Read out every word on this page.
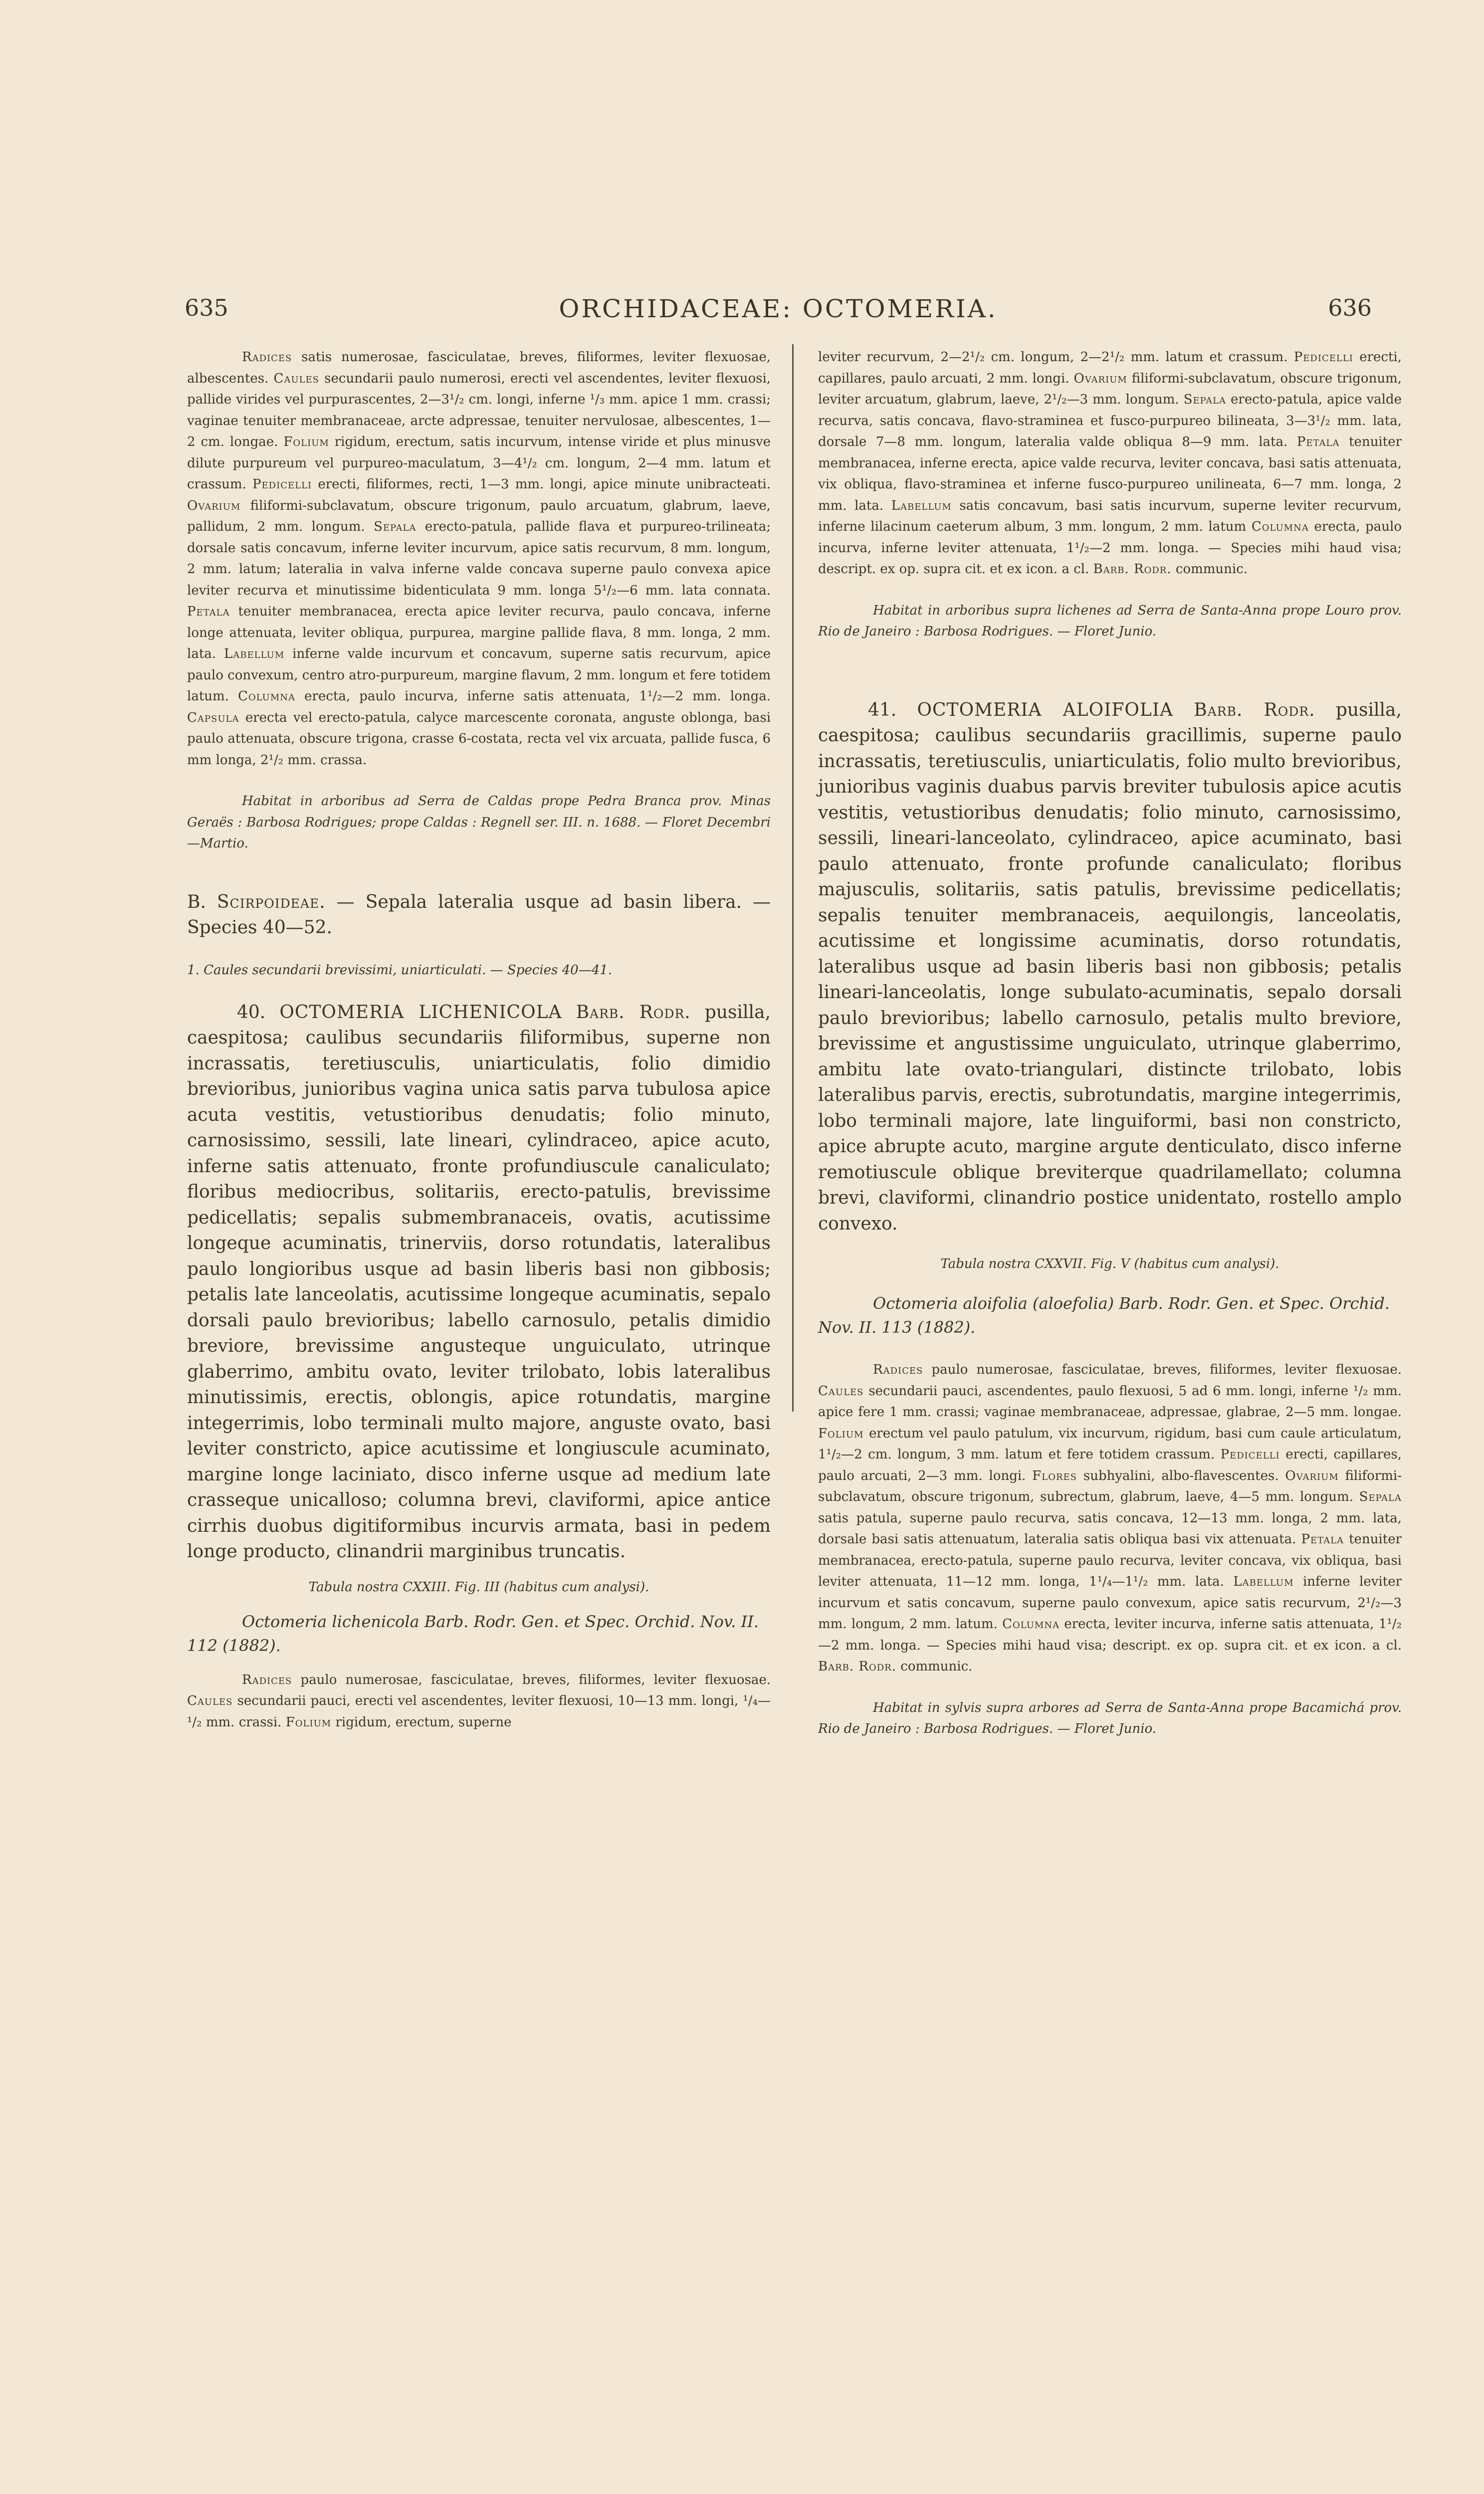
635	ORCHIDACEAE: OCTOMERIA.	636

Radices satis numerosae, fasciculatae, breves, filiformes, leviter flexuosae, albescentes. Caules secundarii paulo numerosi, erecti vel ascendentes, leviter flexuosi, pallide virides vel purpurascentes, 2—3¹/₂ cm. longi, inferne ¹/₃ mm. apice 1 mm. crassi; vaginae tenuiter membranaceae, arcte adpressae, tenuiter nervulosae, albescentes, 1—2 cm. longae. Folium rigidum, erectum, satis incurvum, intense viride et plus minusve dilute purpureum vel purpureo-maculatum, 3—4¹/₂ cm. longum, 2—4 mm. latum et crassum. Pedicelli erecti, filiformes, recti, 1—3 mm. longi, apice minute unibracteati. Ovarium filiformi-subclavatum, obscure trigonum, paulo arcuatum, glabrum, laeve, pallidum, 2 mm. longum. Sepala erecto-patula, pallide flava et purpureo-trilineata; dorsale satis concavum, inferne leviter incurvum, apice satis recurvum, 8 mm. longum, 2 mm. latum; lateralia in valva inferne valde concava superne paulo convexa apice leviter recurva et minutissime bidenticulata 9 mm. longa 5¹/₂—6 mm. lata connata. Petala tenuiter membranacea, erecta apice leviter recurva, paulo concava, inferne longe attenuata, leviter obliqua, purpurea, margine pallide flava, 8 mm. longa, 2 mm. lata. Labellum inferne valde incurvum et concavum, superne satis recurvum, apice paulo convexum, centro atro-purpureum, margine flavum, 2 mm. longum et fere totidem latum. Columna erecta, paulo incurva, inferne satis attenuata, 1¹/₂—2 mm. longa. Capsula erecta vel erecto-patula, calyce marcescente coronata, anguste oblonga, basi paulo attenuata, obscure trigona, crasse 6-costata, recta vel vix arcuata, pallide fusca, 6 mm longa, 2¹/₂ mm. crassa.

Habitat in arboribus ad Serra de Caldas prope Pedra Branca prov. Minas Geraës : Barbosa Rodrigues; prope Caldas : Regnell ser. III. n. 1688. — Floret Decembri—Martio.

B. Scirpoideae. — Sepala lateralia usque ad basin libera. — Species 40—52.

1. Caules secundarii brevissimi, uniarticulati. — Species 40—41.

40. OCTOMERIA LICHENICOLA Barb. Rodr. pusilla, caespitosa; caulibus secundariis filiformibus, superne non incrassatis, teretiusculis, uniarticulatis, folio dimidio brevioribus, junioribus vagina unica satis parva tubulosa apice acuta vestitis, vetustioribus denudatis; folio minuto, carnosissimo, sessili, late lineari, cylindraceo, apice acuto, inferne satis attenuato, fronte profundiuscule canaliculato; floribus mediocribus, solitariis, erecto-patulis, brevissime pedicellatis; sepalis submembranaceis, ovatis, acutissime longeque acuminatis, trinerviis, dorso rotundatis, lateralibus paulo longioribus usque ad basin liberis basi non gibbosis; petalis late lanceolatis, acutissime longeque acuminatis, sepalo dorsali paulo brevioribus; labello carnosulo, petalis dimidio breviore, brevissime angusteque unguiculato, utrinque glaberrimo, ambitu ovato, leviter trilobato, lobis lateralibus minutissimis, erectis, oblongis, apice rotundatis, margine integerrimis, lobo terminali multo majore, anguste ovato, basi leviter constricto, apice acutissime et longiuscule acuminato, margine longe laciniato, disco inferne usque ad medium late crasseque unicalloso; columna brevi, claviformi, apice antice cirrhis duobus digitiformibus incurvis armata, basi in pedem longe producto, clinandrii marginibus truncatis.

Tabula nostra CXXIII. Fig. III (habitus cum analysi).

Octomeria lichenicola Barb. Rodr. Gen. et Spec. Orchid. Nov. II. 112 (1882).

Radices paulo numerosae, fasciculatae, breves, filiformes, leviter flexuosae. Caules secundarii pauci, erecti vel ascendentes, leviter flexuosi, 10—13 mm. longi, ¹/₄—¹/₂ mm. crassi. Folium rigidum, erectum, superne

leviter recurvum, 2—2¹/₂ cm. longum, 2—2¹/₂ mm. latum et crassum. Pedicelli erecti, capillares, paulo arcuati, 2 mm. longi. Ovarium filiformi-subclavatum, obscure trigonum, leviter arcuatum, glabrum, laeve, 2¹/₂—3 mm. longum. Sepala erecto-patula, apice valde recurva, satis concava, flavo-straminea et fusco-purpureo bilineata, 3—3¹/₂ mm. lata, dorsale 7—8 mm. longum, lateralia valde obliqua 8—9 mm. lata. Petala tenuiter membranacea, inferne erecta, apice valde recurva, leviter concava, basi satis attenuata, vix obliqua, flavo-straminea et inferne fusco-purpureo unilineata, 6—7 mm. longa, 2 mm. lata. Labellum satis concavum, basi satis incurvum, superne leviter recurvum, inferne lilacinum caeterum album, 3 mm. longum, 2 mm. latum Columna erecta, paulo incurva, inferne leviter attenuata, 1¹/₂—2 mm. longa. — Species mihi haud visa; descript. ex op. supra cit. et ex icon. a cl. Barb. Rodr. communic.

Habitat in arboribus supra lichenes ad Serra de Santa-Anna prope Louro prov. Rio de Janeiro : Barbosa Rodrigues. — Floret Junio.

41. OCTOMERIA ALOIFOLIA Barb. Rodr. pusilla, caespitosa; caulibus secundariis gracillimis, superne paulo incrassatis, teretiusculis, uniarticulatis, folio multo brevioribus, junioribus vaginis duabus parvis breviter tubulosis apice acutis vestitis, vetustioribus denudatis; folio minuto, carnosissimo, sessili, lineari-lanceolato, cylindraceo, apice acuminato, basi paulo attenuato, fronte profunde canaliculato; floribus majusculis, solitariis, satis patulis, brevissime pedicellatis; sepalis tenuiter membranaceis, aequilongis, lanceolatis, acutissime et longissime acuminatis, dorso rotundatis, lateralibus usque ad basin liberis basi non gibbosis; petalis lineari-lanceolatis, longe subulato-acuminatis, sepalo dorsali paulo brevioribus; labello carnosulo, petalis multo breviore, brevissime et angustissime unguiculato, utrinque glaberrimo, ambitu late ovato-triangulari, distincte trilobato, lobis lateralibus parvis, erectis, subrotundatis, margine integerrimis, lobo terminali majore, late linguiformi, basi non constricto, apice abrupte acuto, margine argute denticulato, disco inferne remotiuscule oblique breviterque quadrilamellato; columna brevi, claviformi, clinandrio postice unidentato, rostello amplo convexo.

Tabula nostra CXXVII. Fig. V (habitus cum analysi).

Octomeria aloifolia (aloefolia) Barb. Rodr. Gen. et Spec. Orchid. Nov. II. 113 (1882).

Radices paulo numerosae, fasciculatae, breves, filiformes, leviter flexuosae. Caules secundarii pauci, ascendentes, paulo flexuosi, 5 ad 6 mm. longi, inferne ¹/₂ mm. apice fere 1 mm. crassi; vaginae membranaceae, adpressae, glabrae, 2—5 mm. longae. Folium erectum vel paulo patulum, vix incurvum, rigidum, basi cum caule articulatum, 1¹/₂—2 cm. longum, 3 mm. latum et fere totidem crassum. Pedicelli erecti, capillares, paulo arcuati, 2—3 mm. longi. Flores subhyalini, albo-flavescentes. Ovarium filiformi-subclavatum, obscure trigonum, subrectum, glabrum, laeve, 4—5 mm. longum. Sepala satis patula, superne paulo recurva, satis concava, 12—13 mm. longa, 2 mm. lata, dorsale basi satis attenuatum, lateralia satis obliqua basi vix attenuata. Petala tenuiter membranacea, erecto-patula, superne paulo recurva, leviter concava, vix obliqua, basi leviter attenuata, 11—12 mm. longa, 1¹/₄—1¹/₂ mm. lata. Labellum inferne leviter incurvum et satis concavum, superne paulo convexum, apice satis recurvum, 2¹/₂—3 mm. longum, 2 mm. latum. Columna erecta, leviter incurva, inferne satis attenuata, 1¹/₂—2 mm. longa. — Species mihi haud visa; descript. ex op. supra cit. et ex icon. a cl. Barb. Rodr. communic.

Habitat in sylvis supra arbores ad Serra de Santa-Anna prope Bacamichá prov. Rio de Janeiro : Barbosa Rodrigues. — Floret Junio.
